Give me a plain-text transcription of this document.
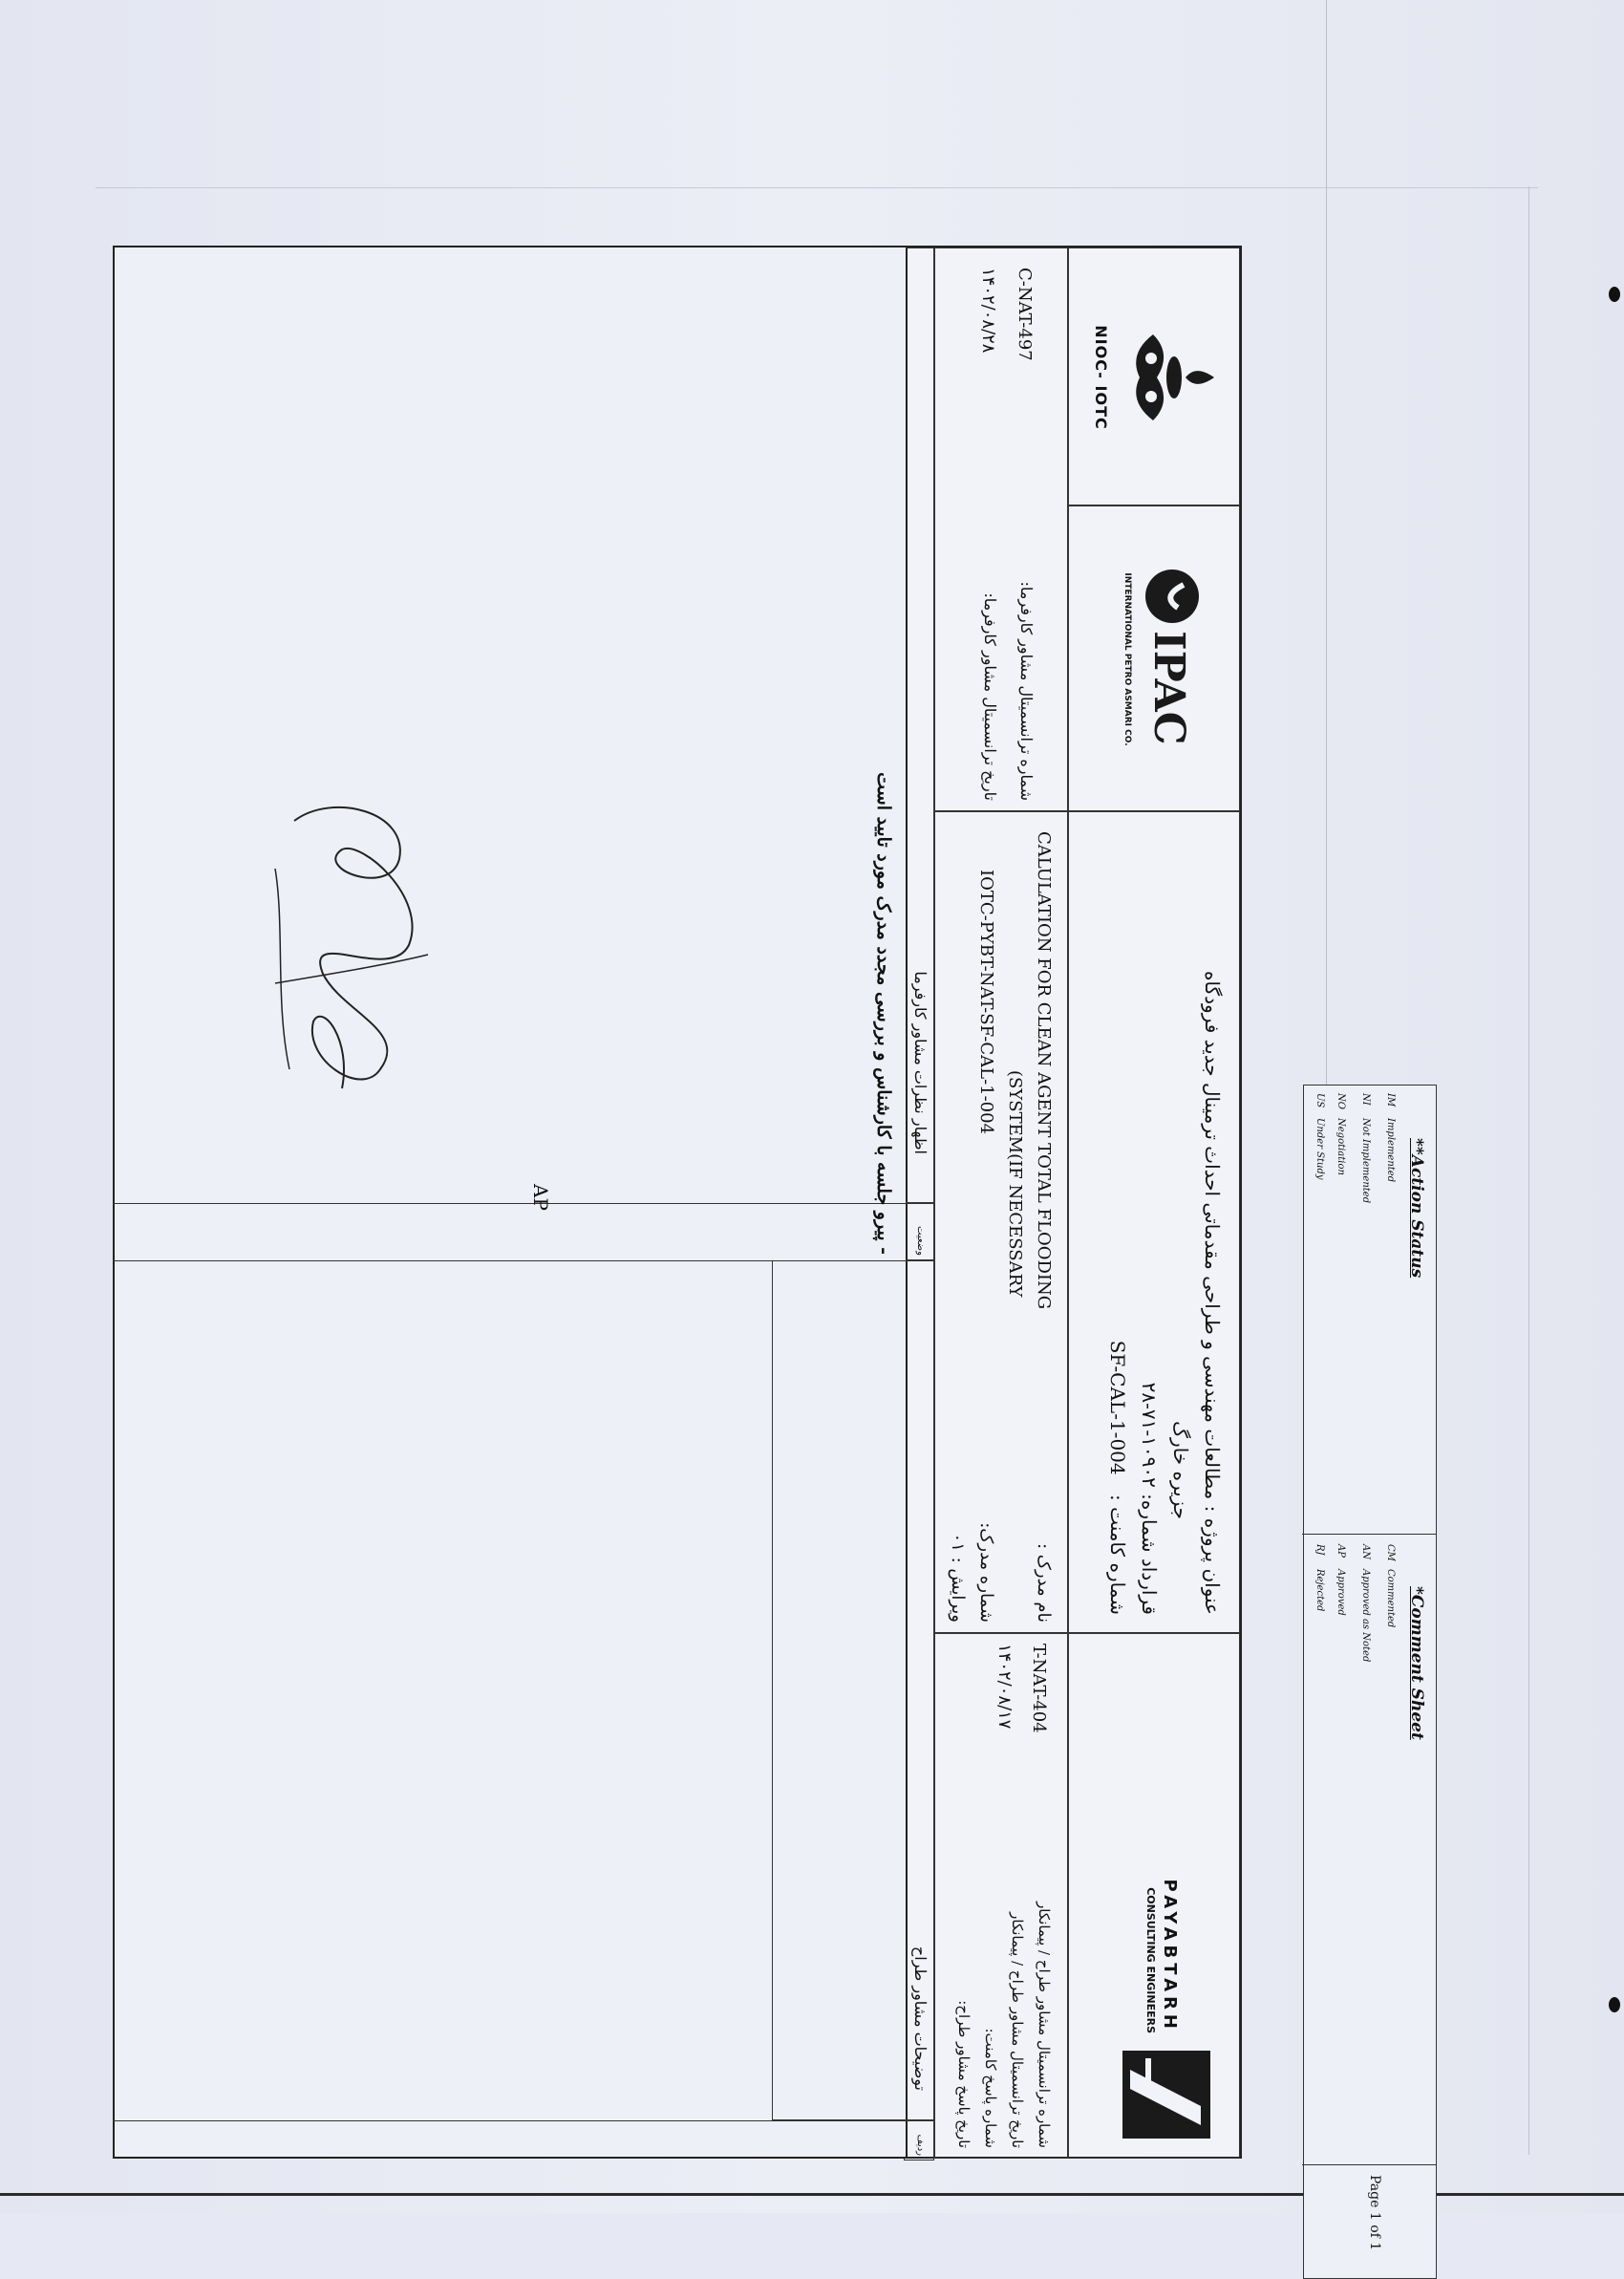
PAYABTARH
CONSULTING ENGINEERS
عنوان پروژه : مطالعات مهندسی و طراحی مقدماتی احداث ترمینال جدید فرودگاه
جزیره خارگ
قرارداد شماره: ۱۰۹۰۲-۷۱-۲۸
شماره کامنت : SF-CAL-1-004
IPAC
INTERNATIONAL PETRO ASMARI CO.
NIOC- IOTC
شماره ترانسمیتال مشاور طراح / پیمانکار
تاریخ ترانسمیتال مشاور طراح / پیمانکار
شماره پاسخ کامنت:
تاریخ پاسخ مشاور طراح:
T-NAT-404
۱۴۰۲/۰۸/۱۷
نام مدرک :
شماره مدرک:
ویرایش : ۰۱
CALULATION FOR CLEAN AGENT TOTAL FLOODING
(SYSTEM(IF NECESSARY
IOTC-PYBT-NAT-SF-CAL-1-004
شماره ترانسمیتال مشاور کارفرما:
تاریخ ترانسمیتال مشاور کارفرما:
C-NAT-497
۱۴۰۲/۰۸/۲۸
ردیف
توضیحات مشاور طراح
وضعیت
اظهار نظرات مشاور کارفرما
AP	- پیرو جلسه با کارشناس و بررسی مجدد مدرک مورد تایید است	**Action Status
IMImplemented
NINot Implemented
NONegotiation
USUnder Study
*Comment Sheet
CMCommented
ANApproved as Noted
APApproved
RJRejected
Page 1 of 1
